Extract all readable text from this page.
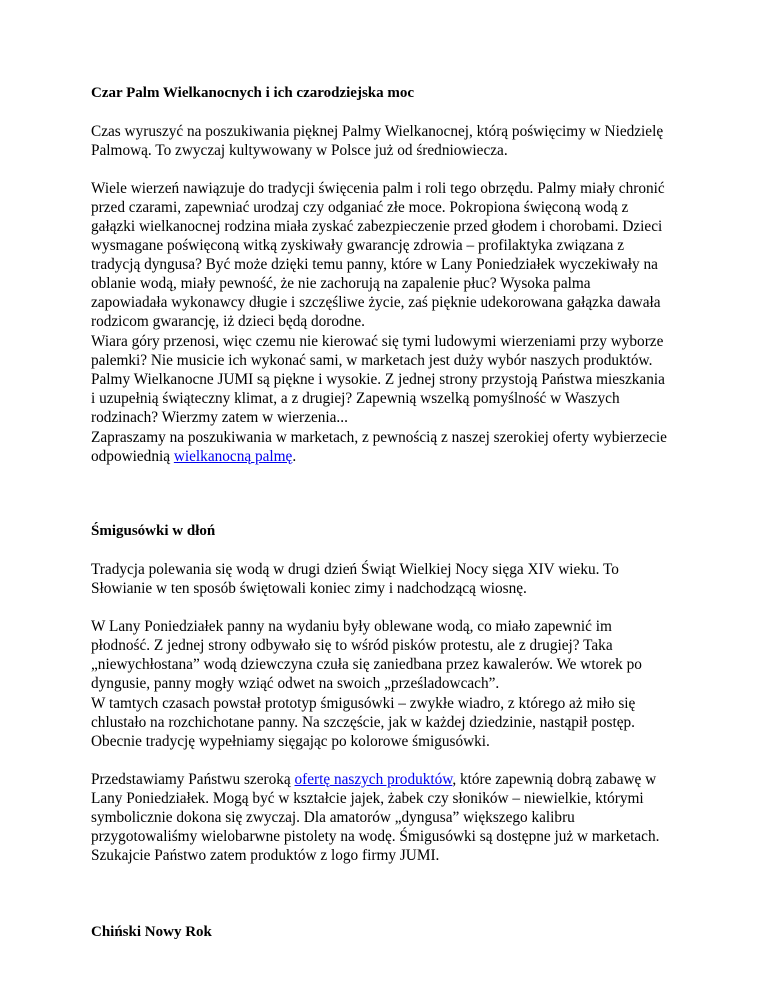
Czar Palm Wielkanocnych i ich czarodziejska moc

Czas wyruszyć na poszukiwania pięknej Palmy Wielkanocnej, którą poświęcimy w Niedzielę
Palmową. To zwyczaj kultywowany w Polsce już od średniowiecza.

Wiele wierzeń nawiązuje do tradycji święcenia palm i roli tego obrzędu. Palmy miały chronić
przed czarami, zapewniać urodzaj czy odganiać złe moce. Pokropiona święconą wodą z
gałązki wielkanocnej rodzina miała zyskać zabezpieczenie przed głodem i chorobami. Dzieci
wysmagane poświęconą witką zyskiwały gwarancję zdrowia – profilaktyka związana z
tradycją dyngusa? Być może dzięki temu panny, które w Lany Poniedziałek wyczekiwały na
oblanie wodą, miały pewność, że nie zachorują na zapalenie płuc? Wysoka palma
zapowiadała wykonawcy długie i szczęśliwe życie, zaś pięknie udekorowana gałązka dawała
rodzicom gwarancję, iż dzieci będą dorodne.

Wiara góry przenosi, więc czemu nie kierować się tymi ludowymi wierzeniami przy wyborze
palemki? Nie musicie ich wykonać sami, w marketach jest duży wybór naszych produktów.
Palmy Wielkanocne JUMI są piękne i wysokie. Z jednej strony przystoją Państwa mieszkania
i uzupełnią świąteczny klimat, a z drugiej? Zapewnią wszelką pomyślność w Waszych
rodzinach? Wierzmy zatem w wierzenia...

Zapraszamy na poszukiwania w marketach, z pewnością z naszej szerokiej oferty wybierzecie
odpowiednią wielkanocną palmę.

Śmigusówki w dłoń

Tradycja polewania się wodą w drugi dzień Świąt Wielkiej Nocy sięga XIV wieku. To
Słowianie w ten sposób świętowali koniec zimy i nadchodzącą wiosnę.

W Lany Poniedziałek panny na wydaniu były oblewane wodą, co miało zapewnić im
płodność. Z jednej strony odbywało się to wśród pisków protestu, ale z drugiej? Taka
„niewychłostana” wodą dziewczyna czuła się zaniedbana przez kawalerów. We wtorek po
dyngusie, panny mogły wziąć odwet na swoich „prześladowcach”.

W tamtych czasach powstał prototyp śmigusówki – zwykłe wiadro, z którego aż miło się
chlustało na rozchichotane panny. Na szczęście, jak w każdej dziedzinie, nastąpił postęp.
Obecnie tradycję wypełniamy sięgając po kolorowe śmigusówki.

Przedstawiamy Państwu szeroką ofertę naszych produktów, które zapewnią dobrą zabawę w
Lany Poniedziałek. Mogą być w kształcie jajek, żabek czy słoników – niewielkie, którymi
symbolicznie dokona się zwyczaj. Dla amatorów „dyngusa” większego kalibru
przygotowaliśmy wielobarwne pistolety na wodę. Śmigusówki są dostępne już w marketach.

Szukajcie Państwo zatem produktów z logo firmy JUMI.

Chiński Nowy Rok
